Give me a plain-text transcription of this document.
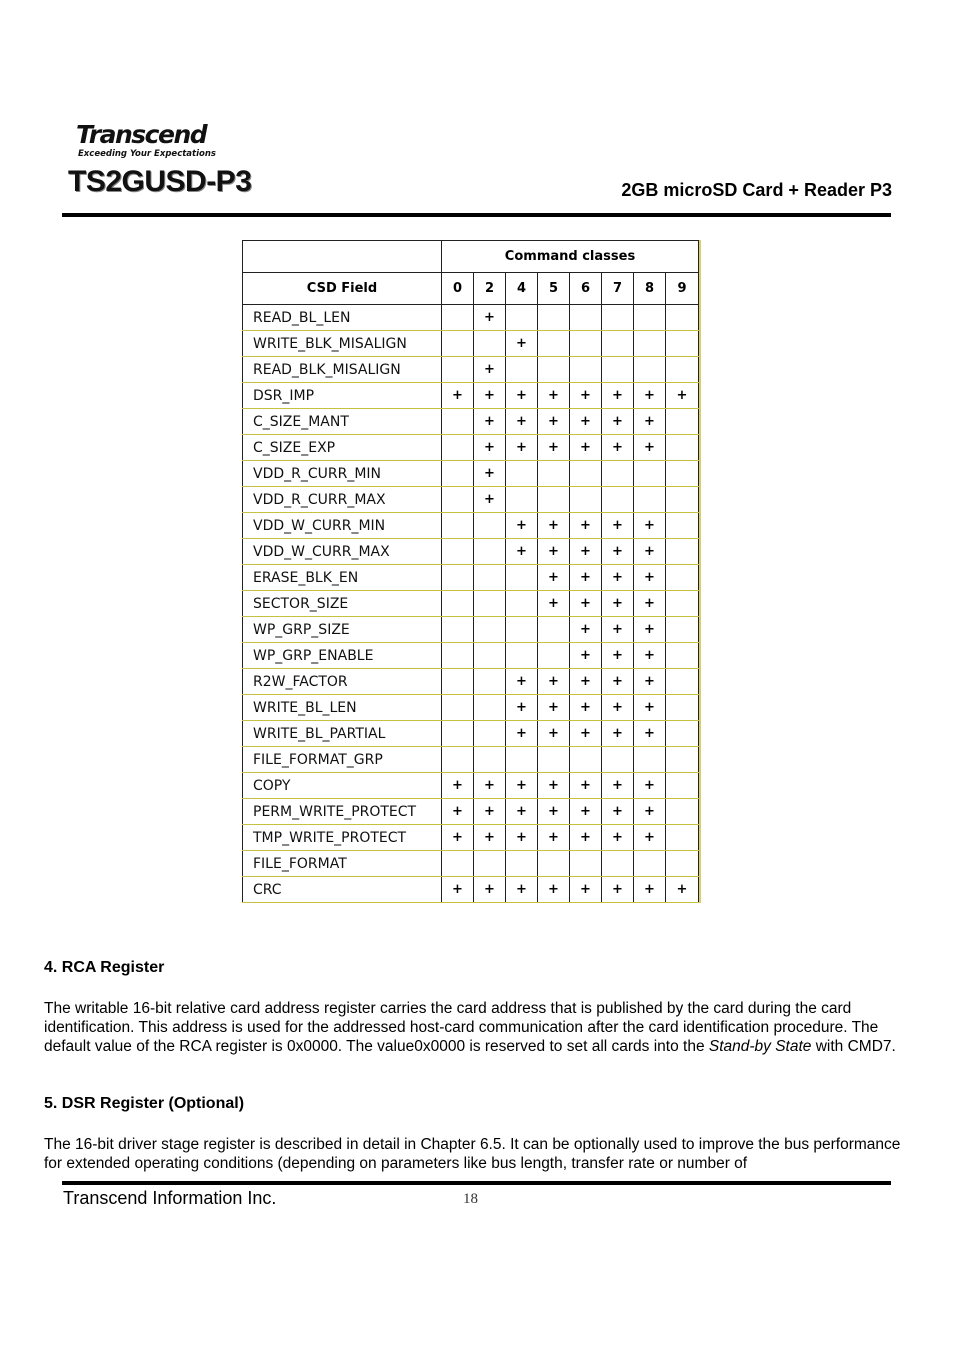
Transcend
Exceeding Your Expectations
TS2GUSD-P3	2GB microSD Card + Reader P3
	Command classes							
CSD Field	0	2	4	5	6	7	8	9
READ_BL_LEN		+						
WRITE_BLK_MISALIGN			+					
READ_BLK_MISALIGN		+						
DSR_IMP	+	+	+	+	+	+	+	+
C_SIZE_MANT		+	+	+	+	+	+	
C_SIZE_EXP		+	+	+	+	+	+	
VDD_R_CURR_MIN		+						
VDD_R_CURR_MAX		+						
VDD_W_CURR_MIN			+	+	+	+	+	
VDD_W_CURR_MAX			+	+	+	+	+	
ERASE_BLK_EN				+	+	+	+	
SECTOR_SIZE				+	+	+	+	
WP_GRP_SIZE					+	+	+	
WP_GRP_ENABLE					+	+	+	
R2W_FACTOR			+	+	+	+	+	
WRITE_BL_LEN			+	+	+	+	+	
WRITE_BL_PARTIAL			+	+	+	+	+	
FILE_FORMAT_GRP								
COPY	+	+	+	+	+	+	+	
PERM_WRITE_PROTECT	+	+	+	+	+	+	+	
TMP_WRITE_PROTECT	+	+	+	+	+	+	+	
FILE_FORMAT								
CRC	+	+	+	+	+	+	+	+
4. RCA Register
The writable 16-bit relative card address register carries the card address that is published by the card during the card identification. This address is used for the addressed host-card communication after the card identification procedure. The default value of the RCA register is 0x0000. The value0x0000 is reserved to set all cards into the Stand-by State with CMD7.
5. DSR Register (Optional)
The 16-bit driver stage register is described in detail in Chapter 6.5. It can be optionally used to improve the bus performance for extended operating conditions (depending on parameters like bus length, transfer rate or number of
Transcend Information Inc.	18
